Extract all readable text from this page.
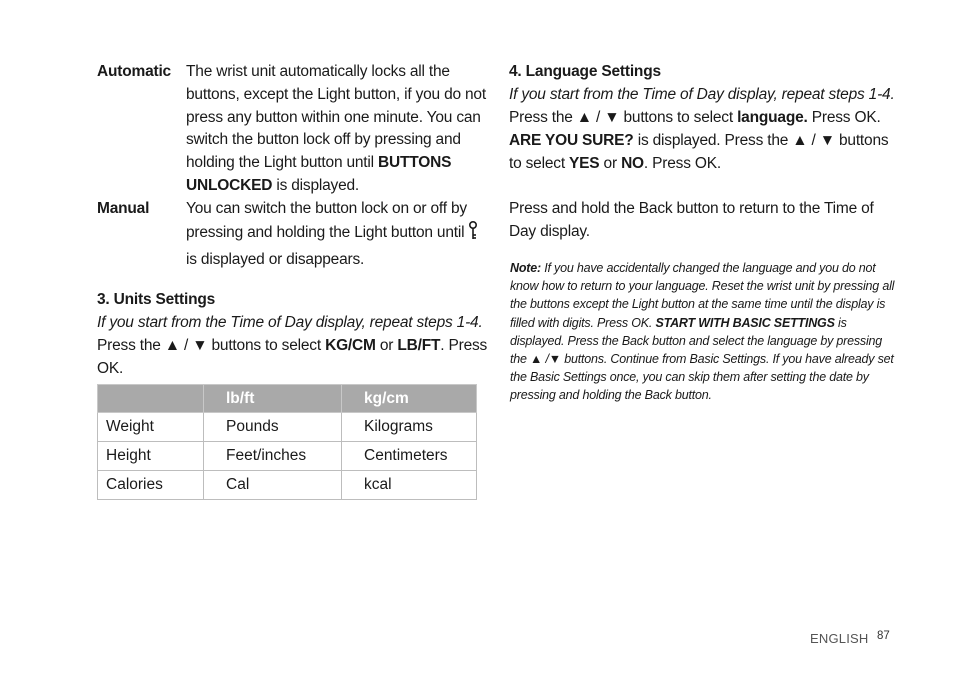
Automatic The wrist unit automatically locks all the buttons, except the Light button, if you do not press any button within one minute. You can switch the button lock off by pressing and holding the Light button until BUTTONS UNLOCKED is displayed.
Manual You can switch the button lock on or off by pressing and holding the Light button until  is displayed or disappears.
3. Units Settings
If you start from the Time of Day display, repeat steps 1-4.
Press the ▲ / ▼ buttons to select KG/CM or LB/FT. Press OK.
	lb/ft	kg/cm
Weight	Pounds	Kilograms
Height	Feet/inches	Centimeters
Calories	Cal	kcal
4. Language Settings
If you start from the Time of Day display, repeat steps 1-4.
Press the ▲ / ▼ buttons to select language. Press OK.
ARE YOU SURE? is displayed. Press the ▲ / ▼ buttons to select YES or NO. Press OK.
Press and hold the Back button to return to the Time of Day display.
Note: If you have accidentally changed the language and you do not know how to return to your language. Reset the wrist unit by pressing all the buttons except the Light button at the same time until the display is filled with digits. Press OK. START WITH BASIC SETTINGS is displayed. Press the Back button and select the language by pressing the ▲ /▼ buttons. Continue from Basic Settings. If you have already set the Basic Settings once, you can skip them after setting the date by pressing and holding the Back button.
ENGLISH 87
